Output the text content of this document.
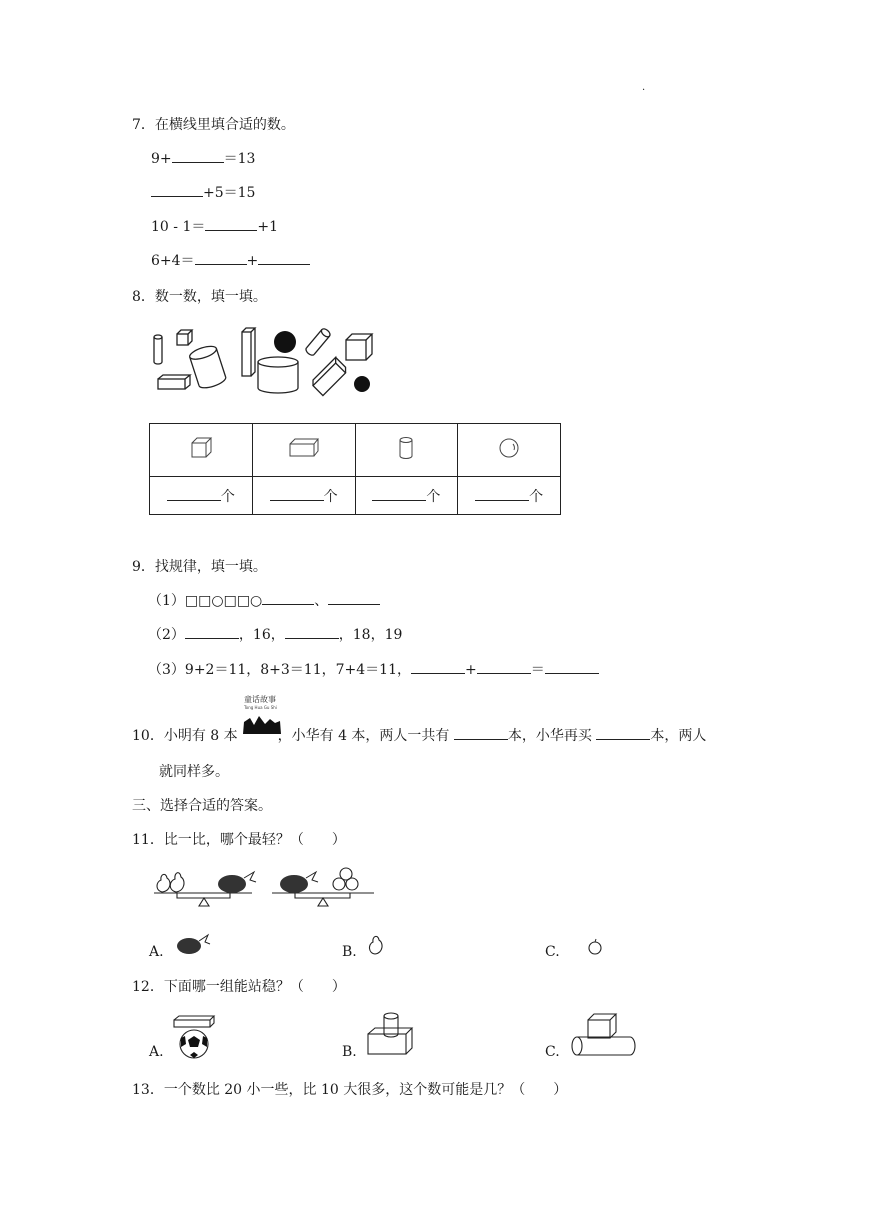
.
7．在横线里填合适的数。
9+	＝13
+5＝15
10 - 1＝	+1
6+4＝	+
8．数一数，填一填。

个	个	个	个
9．找规律，填一填。
（1）□□○□□○	、
（2）	，16，	，18，19
（3）9+2＝11，8+3＝11，7+4＝11，	+	＝
童话故事
Tong Hua Gu Shi
10．小明有 8 本	，小华有 4 本，两人一共有	本，小华再买	本，两人
就同样多。
三、选择合适的答案。
11．比一比，哪个最轻？（　　）
A.	B.	C.
12．下面哪一组能站稳？（　　）
A.	B.	C.
13．一个数比 20 小一些，比 10 大很多，这个数可能是几？（　　）
